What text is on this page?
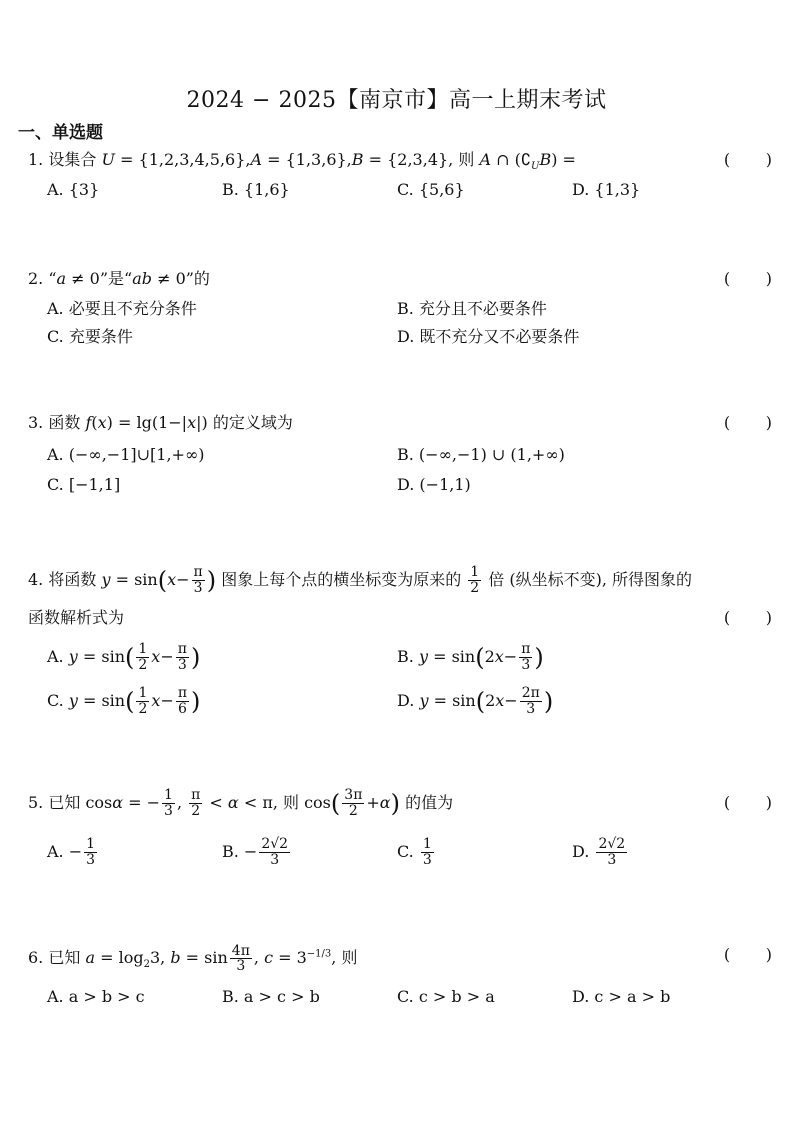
2024 − 2025【南京市】高一上期末考试
一、单选题
1. 设集合 U = {1,2,3,4,5,6},A = {1,3,6},B = {2,3,4}, 则 A ∩ $(∁_UB)$ =	(       )
A. {3}	B. {1,6}	C. {5,6}	D. {1,3}
2. “a ≠ 0”是“ab ≠ 0”的	(       )
A. 必要且不充分条件	B. 充分且不必要条件
C. 充要条件	D. 既不充分又不必要条件
3. 函数 f(x) = lg(1−|x|) 的定义域为	(       )
A. (−∞,−1]∪[1,+∞)	B. (−∞,−1) ∪ (1,+∞)
C. [−1,1]	D. (−1,1)
4. 将函数 $y = \sin(x- \frac{\pi}{3}$ ) 图象上每个点的横坐标变为原来的 $\frac{1}{2}$ 倍 (纵坐标不变), 所得图象的
函数解析式为	(       )
A. $y = \sin( \frac{1}{2} x- \frac{\pi}{3}$ )	B. $y = \sin(2x- \frac{\pi}{3}$ )
C. $y = \sin( \frac{1}{2} x- \frac{\pi}{6}$ )	D. $y = \sin(2x- \frac{2\pi}{3}$ )
5. 已知 cosα = − $\frac{1}{3}$ , $\frac{\pi}{2} < \alpha < \pi$, 则 $\cos( \frac{3\pi}{2} +\alpha)$ 的值为	(       )
A. − $\frac{1}{3}$	B. − $\frac{2√2}{3}$	C. $\frac{1}{3}$	D. $\frac{2√2}{3}$
6. 已知 $a = \log_23$, $b = \sin \frac{4\pi}{3}$ , $c = 3^{-1/3}$, 则	(       )
A. a > b > c	B. a > c > b	C. c > b > a	D. c > a > b
